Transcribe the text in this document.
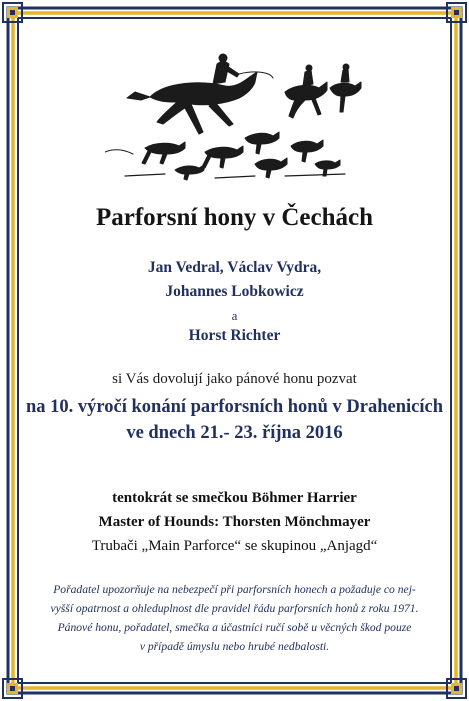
Parforsní hony v Čechách
Jan Vedral, Václav Vydra,
Johannes Lobkowicz
a
Horst Richter
si Vás dovolují jako pánové honu pozvat
na 10. výročí konání parforsních honů v Drahenicích
ve dnech 21.- 23. října 2016
tentokrát se smečkou Böhmer Harrier
Master of Hounds: Thorsten Mönchmayer
Trubači „Main Parforce“ se skupinou „Anjagd“
Pořadatel upozorňuje na nebezpečí při parforsních honech a požaduje co nej-
vyšší opatrnost a ohleduplnost dle pravidel řádu parforsních honů z roku 1971.
Pánové honu, pořadatel, smečka a účastníci ručí sobě u věcných škod pouze
v případě úmyslu nebo hrubé nedbalosti.
